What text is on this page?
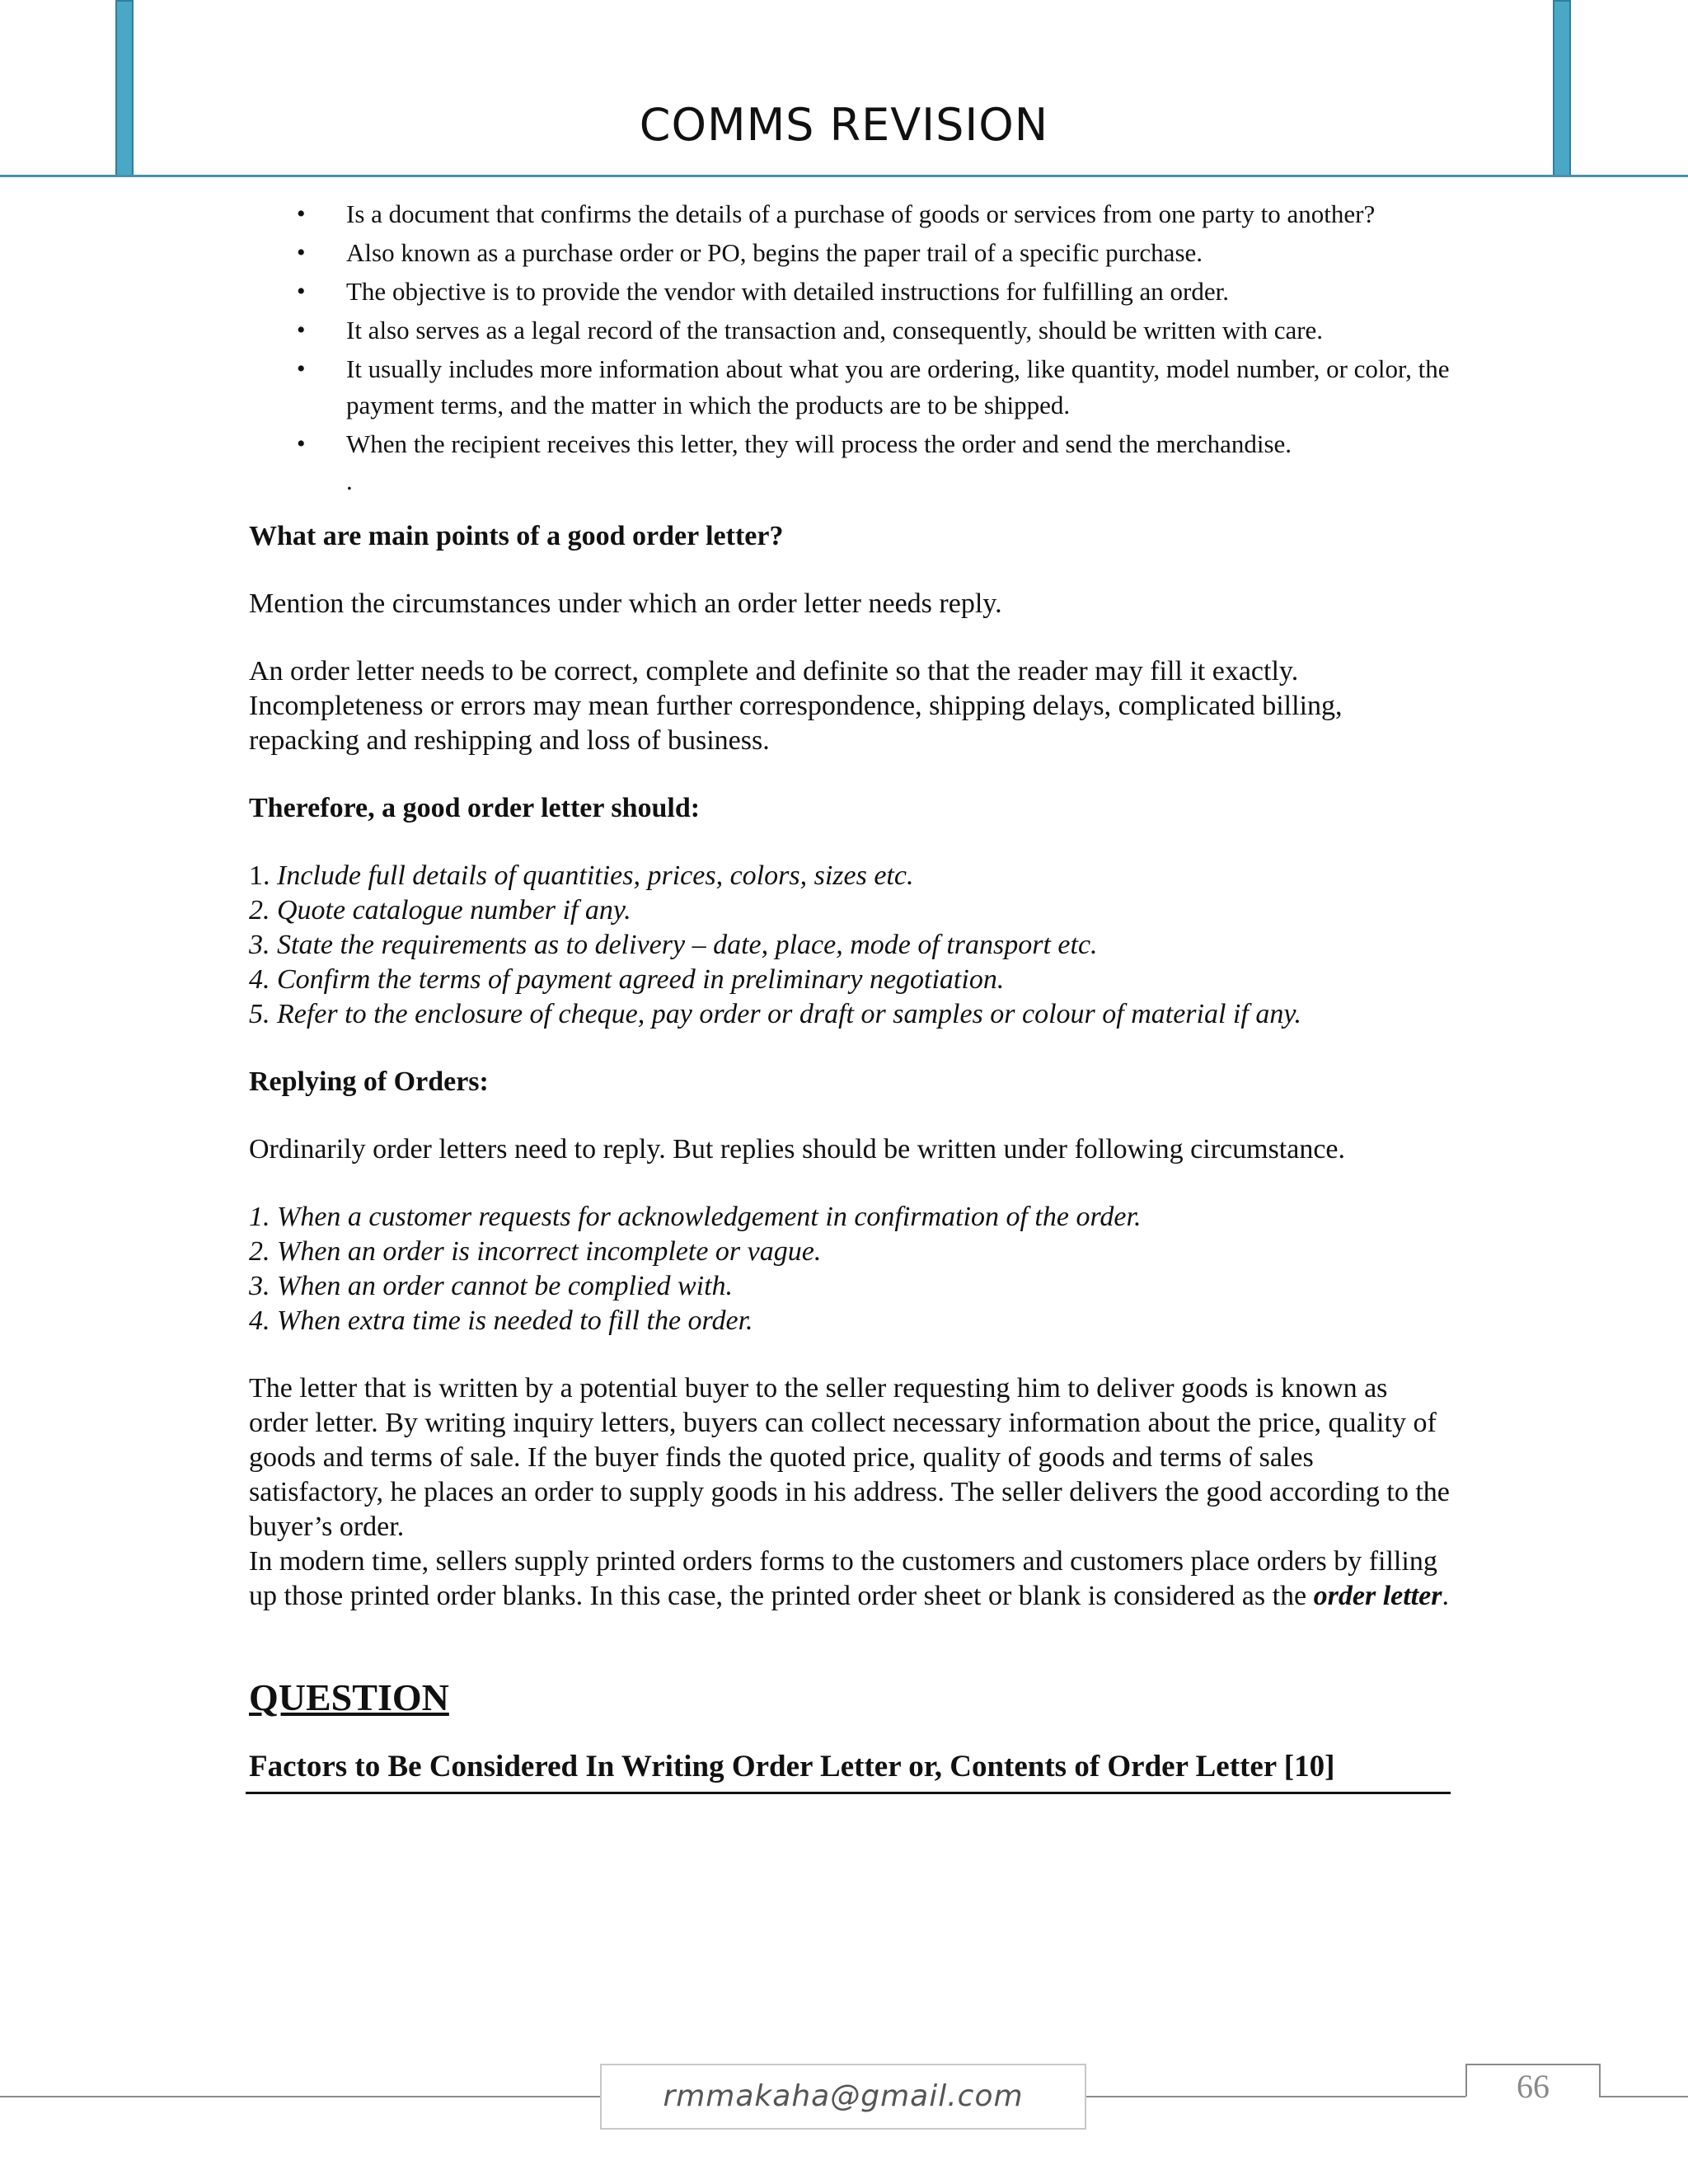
COMMS REVISION
• Is a document that confirms the details of a purchase of goods or services from one party to another?
• Also known as a purchase order or PO, begins the paper trail of a specific purchase.
• The objective is to provide the vendor with detailed instructions for fulfilling an order.
• It also serves as a legal record of the transaction and, consequently, should be written with care.
• It usually includes more information about what you are ordering, like quantity, model number, or color, the payment terms, and the matter in which the products are to be shipped.
• When the recipient receives this letter, they will process the order and send the merchandise.
.

What are main points of a good order letter?

Mention the circumstances under which an order letter needs reply.

An order letter needs to be correct, complete and definite so that the reader may fill it exactly. Incompleteness or errors may mean further correspondence, shipping delays, complicated billing, repacking and reshipping and loss of business.

Therefore, a good order letter should:

1. Include full details of quantities, prices, colors, sizes etc.
2. Quote catalogue number if any.
3. State the requirements as to delivery – date, place, mode of transport etc.
4. Confirm the terms of payment agreed in preliminary negotiation.
5. Refer to the enclosure of cheque, pay order or draft or samples or colour of material if any.

Replying of Orders:

Ordinarily order letters need to reply. But replies should be written under following circumstance.

1. When a customer requests for acknowledgement in confirmation of the order.
2. When an order is incorrect incomplete or vague.
3. When an order cannot be complied with.
4. When extra time is needed to fill the order.

The letter that is written by a potential buyer to the seller requesting him to deliver goods is known as order letter. By writing inquiry letters, buyers can collect necessary information about the price, quality of goods and terms of sale. If the buyer finds the quoted price, quality of goods and terms of sales satisfactory, he places an order to supply goods in his address. The seller delivers the good according to the buyer’s order.

In modern time, sellers supply printed orders forms to the customers and customers place orders by filling up those printed order blanks. In this case, the printed order sheet or blank is considered as the order letter.

QUESTION
Factors to Be Considered In Writing Order Letter or, Contents of Order Letter [10]
rmmakaha@gmail.com	66
